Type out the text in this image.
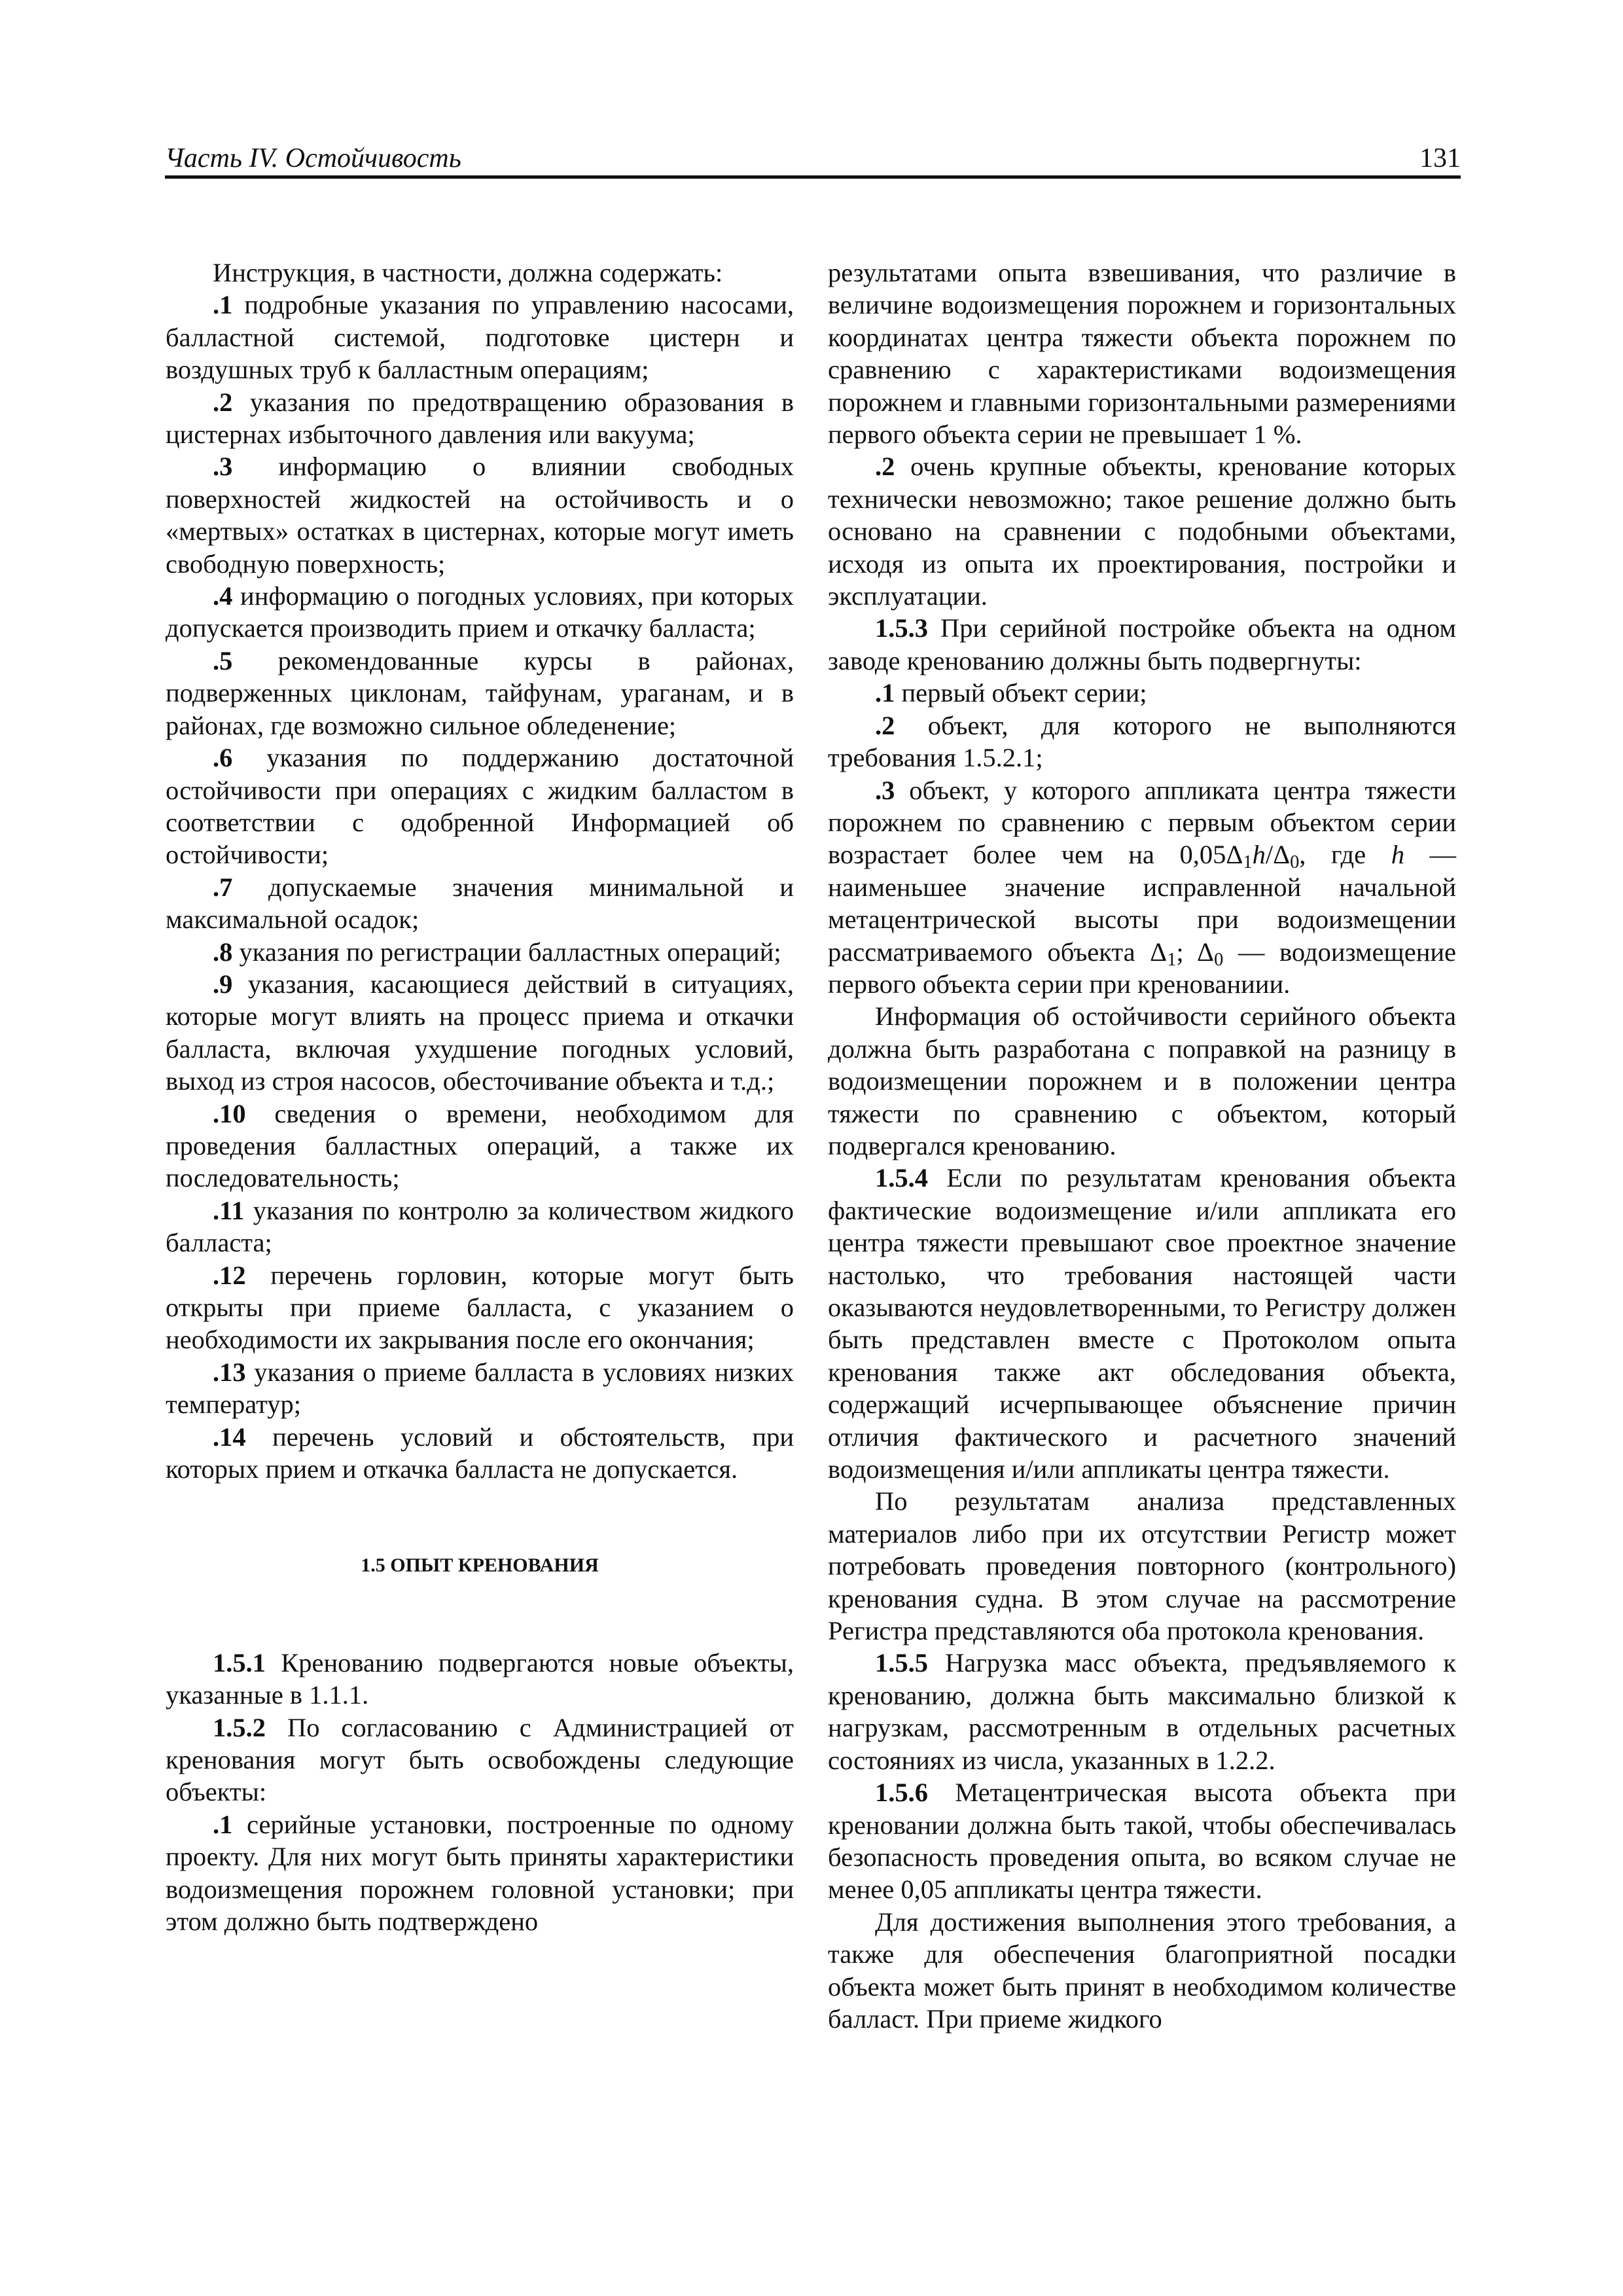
Часть IV. Остойчивость	131

Инструкция, в частности, должна содержать:

.1 подробные указания по управлению насосами, балластной системой, подготовке цистерн и воздушных труб к балластным операциям;

.2 указания по предотвращению образования в цистернах избыточного давления или вакуума;

.3 информацию о влиянии свободных поверхностей жидкостей на остойчивость и о «мертвых» остатках в цистернах, которые могут иметь свободную поверхность;

.4 информацию о погодных условиях, при которых допускается производить прием и откачку балласта;

.5 рекомендованные курсы в районах, подверженных циклонам, тайфунам, ураганам, и в районах, где возможно сильное обледенение;

.6 указания по поддержанию достаточной остойчивости при операциях с жидким балластом в соответствии с одобренной Информацией об остойчивости;

.7 допускаемые значения минимальной и максимальной осадок;

.8 указания по регистрации балластных операций;

.9 указания, касающиеся действий в ситуациях, которые могут влиять на процесс приема и откачки балласта, включая ухудшение погодных условий, выход из строя насосов, обесточивание объекта и т.д.;

.10 сведения о времени, необходимом для проведения балластных операций, а также их последовательность;

.11 указания по контролю за количеством жидкого балласта;

.12 перечень горловин, которые могут быть открыты при приеме балласта, с указанием о необходимости их закрывания после его окончания;

.13 указания о приеме балласта в условиях низких температур;

.14 перечень условий и обстоятельств, при которых прием и откачка балласта не допускается.

1.5 ОПЫТ КРЕНОВАНИЯ

1.5.1 Кренованию подвергаются новые объекты, указанные в 1.1.1.

1.5.2 По согласованию с Администрацией от кренования могут быть освобождены следующие объекты:

.1 серийные установки, построенные по одному проекту. Для них могут быть приняты характеристики водоизмещения порожнем головной установки; при этом должно быть подтверждено

результатами опыта взвешивания, что различие в величине водоизмещения порожнем и горизонтальных координатах центра тяжести объекта порожнем по сравнению с характеристиками водоизмещения порожнем и главными горизонтальными размерениями первого объекта серии не превышает 1 %.

.2 очень крупные объекты, кренование которых технически невозможно; такое решение должно быть основано на сравнении с подобными объектами, исходя из опыта их проектирования, постройки и эксплуатации.

1.5.3 При серийной постройке объекта на одном заводе кренованию должны быть подвергнуты:

.1 первый объект серии;

.2 объект, для которого не выполняются требования 1.5.2.1;

.3 объект, у которого аппликата центра тяжести порожнем по сравнению с первым объектом серии возрастает более чем на $0,05\Delta_1h/\Delta_0$, где h — наименьшее значение исправленной начальной метацентрической высоты при водоизмещении рассматриваемого объекта $\Delta_1$; $\Delta_0$ — водоизмещение первого объекта серии при кренованиии.

Информация об остойчивости серийного объекта должна быть разработана с поправкой на разницу в водоизмещении порожнем и в положении центра тяжести по сравнению с объектом, который подвергался кренованию.

1.5.4 Если по результатам кренования объекта фактические водоизмещение и/или аппликата его центра тяжести превышают свое проектное значение настолько, что требования настоящей части оказываются неудовлетворенными, то Регистру должен быть представлен вместе с Протоколом опыта кренования также акт обследования объекта, содержащий исчерпывающее объяснение причин отличия фактического и расчетного значений водоизмещения и/или аппликаты центра тяжести.

По результатам анализа представленных материалов либо при их отсутствии Регистр может потребовать проведения повторного (контрольного) кренования судна. В этом случае на рассмотрение Регистра представляются оба протокола кренования.

1.5.5 Нагрузка масс объекта, предъявляемого к кренованию, должна быть максимально близкой к нагрузкам, рассмотренным в отдельных расчетных состояниях из числа, указанных в 1.2.2.

1.5.6 Метацентрическая высота объекта при креновании должна быть такой, чтобы обеспечивалась безопасность проведения опыта, во всяком случае не менее 0,05 аппликаты центра тяжести.

Для достижения выполнения этого требования, а также для обеспечения благоприятной посадки объекта может быть принят в необходимом количестве балласт. При приеме жидкого
